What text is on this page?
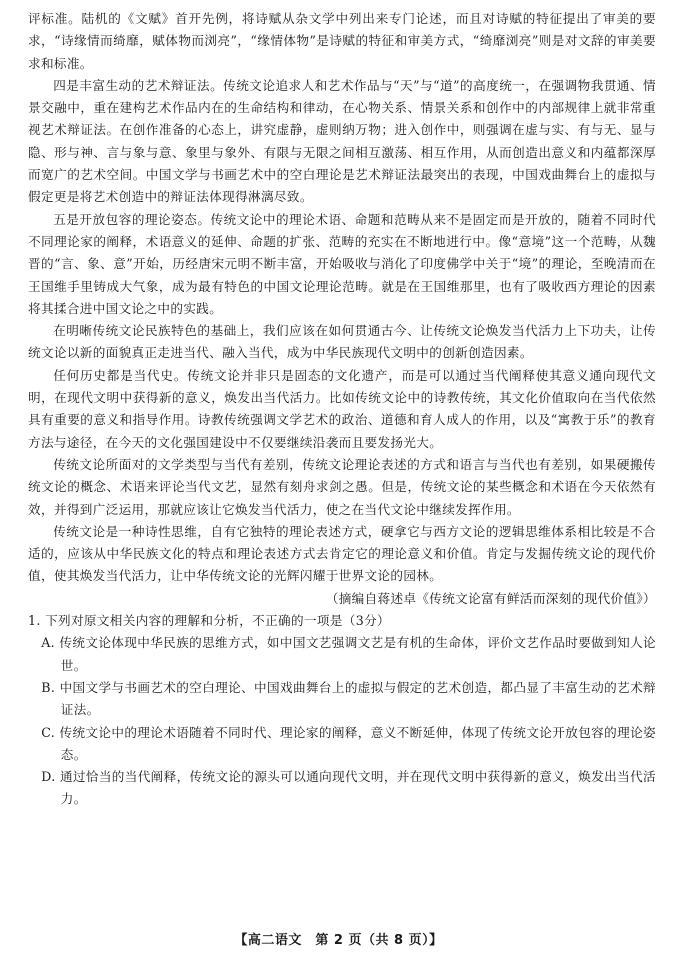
评标准。陆机的《文赋》首开先例，将诗赋从杂文学中列出来专门论述，而且对诗赋的特征提出了审美的要求，“诗缘情而绮靡，赋体物而浏亮”，“缘情体物”是诗赋的特征和审美方式，“绮靡浏亮”则是对文辞的审美要求和标准。

四是丰富生动的艺术辩证法。传统文论追求人和艺术作品与“天”与“道”的高度统一，在强调物我贯通、情景交融中，重在建构艺术作品内在的生命结构和律动，在心物关系、情景关系和创作中的内部规律上就非常重视艺术辩证法。在创作准备的心态上，讲究虚静，虚则纳万物；进入创作中，则强调在虚与实、有与无、显与隐、形与神、言与象与意、象里与象外、有限与无限之间相互激荡、相互作用，从而创造出意义和内蕴都深厚而宽广的艺术空间。中国文学与书画艺术中的空白理论是艺术辩证法最突出的表现，中国戏曲舞台上的虚拟与假定更是将艺术创造中的辩证法体现得淋漓尽致。

五是开放包容的理论姿态。传统文论中的理论术语、命题和范畴从来不是固定而是开放的，随着不同时代不同理论家的阐释，术语意义的延伸、命题的扩张、范畴的充实在不断地进行中。像“意境”这一个范畴，从魏晋的“言、象、意”开始，历经唐宋元明不断丰富，开始吸收与消化了印度佛学中关于“境”的理论，至晚清而在王国维手里铸成大气象，成为最有特色的中国文论理论范畴。就是在王国维那里，也有了吸收西方理论的因素将其揉合进中国文论之中的实践。

在明晰传统文论民族特色的基础上，我们应该在如何贯通古今、让传统文论焕发当代活力上下功夫，让传统文论以新的面貌真正走进当代、融入当代，成为中华民族现代文明中的创新创造因素。

任何历史都是当代史。传统文论并非只是固态的文化遗产，而是可以通过当代阐释使其意义通向现代文明，在现代文明中获得新的意义，焕发出当代活力。比如传统文论中的诗教传统，其文化价值取向在当代依然具有重要的意义和指导作用。诗教传统强调文学艺术的政治、道德和育人成人的作用，以及“寓教于乐”的教育方法与途径，在今天的文化强国建设中不仅要继续沿袭而且要发扬光大。

传统文论所面对的文学类型与当代有差别，传统文论理论表述的方式和语言与当代也有差别，如果硬搬传统文论的概念、术语来评论当代文艺，显然有刻舟求剑之愚。但是，传统文论的某些概念和术语在今天依然有效，并得到广泛运用，那就应该让它焕发当代活力，使之在当代文论中继续发挥作用。

传统文论是一种诗性思维，自有它独特的理论表述方式，硬拿它与西方文论的逻辑思维体系相比较是不合适的，应该从中华民族文化的特点和理论表述方式去肯定它的理论意义和价值。肯定与发掘传统文论的现代价值，使其焕发当代活力，让中华传统文论的光辉闪耀于世界文论的园林。

（摘编自蒋述卓《传统文论富有鲜活而深刻的现代价值》）

1. 下列对原文相关内容的理解和分析，不正确的一项是（3分）

A. 传统文论体现中华民族的思维方式，如中国文艺强调文艺是有机的生命体，评价文艺作品时要做到知人论世。

B. 中国文学与书画艺术的空白理论、中国戏曲舞台上的虚拟与假定的艺术创造，都凸显了丰富生动的艺术辩证法。

C. 传统文论中的理论术语随着不同时代、理论家的阐释，意义不断延伸，体现了传统文论开放包容的理论姿态。

D. 通过恰当的当代阐释，传统文论的源头可以通向现代文明，并在现代文明中获得新的意义，焕发出当代活力。

【高二语文　第 2 页（共 8 页）】
